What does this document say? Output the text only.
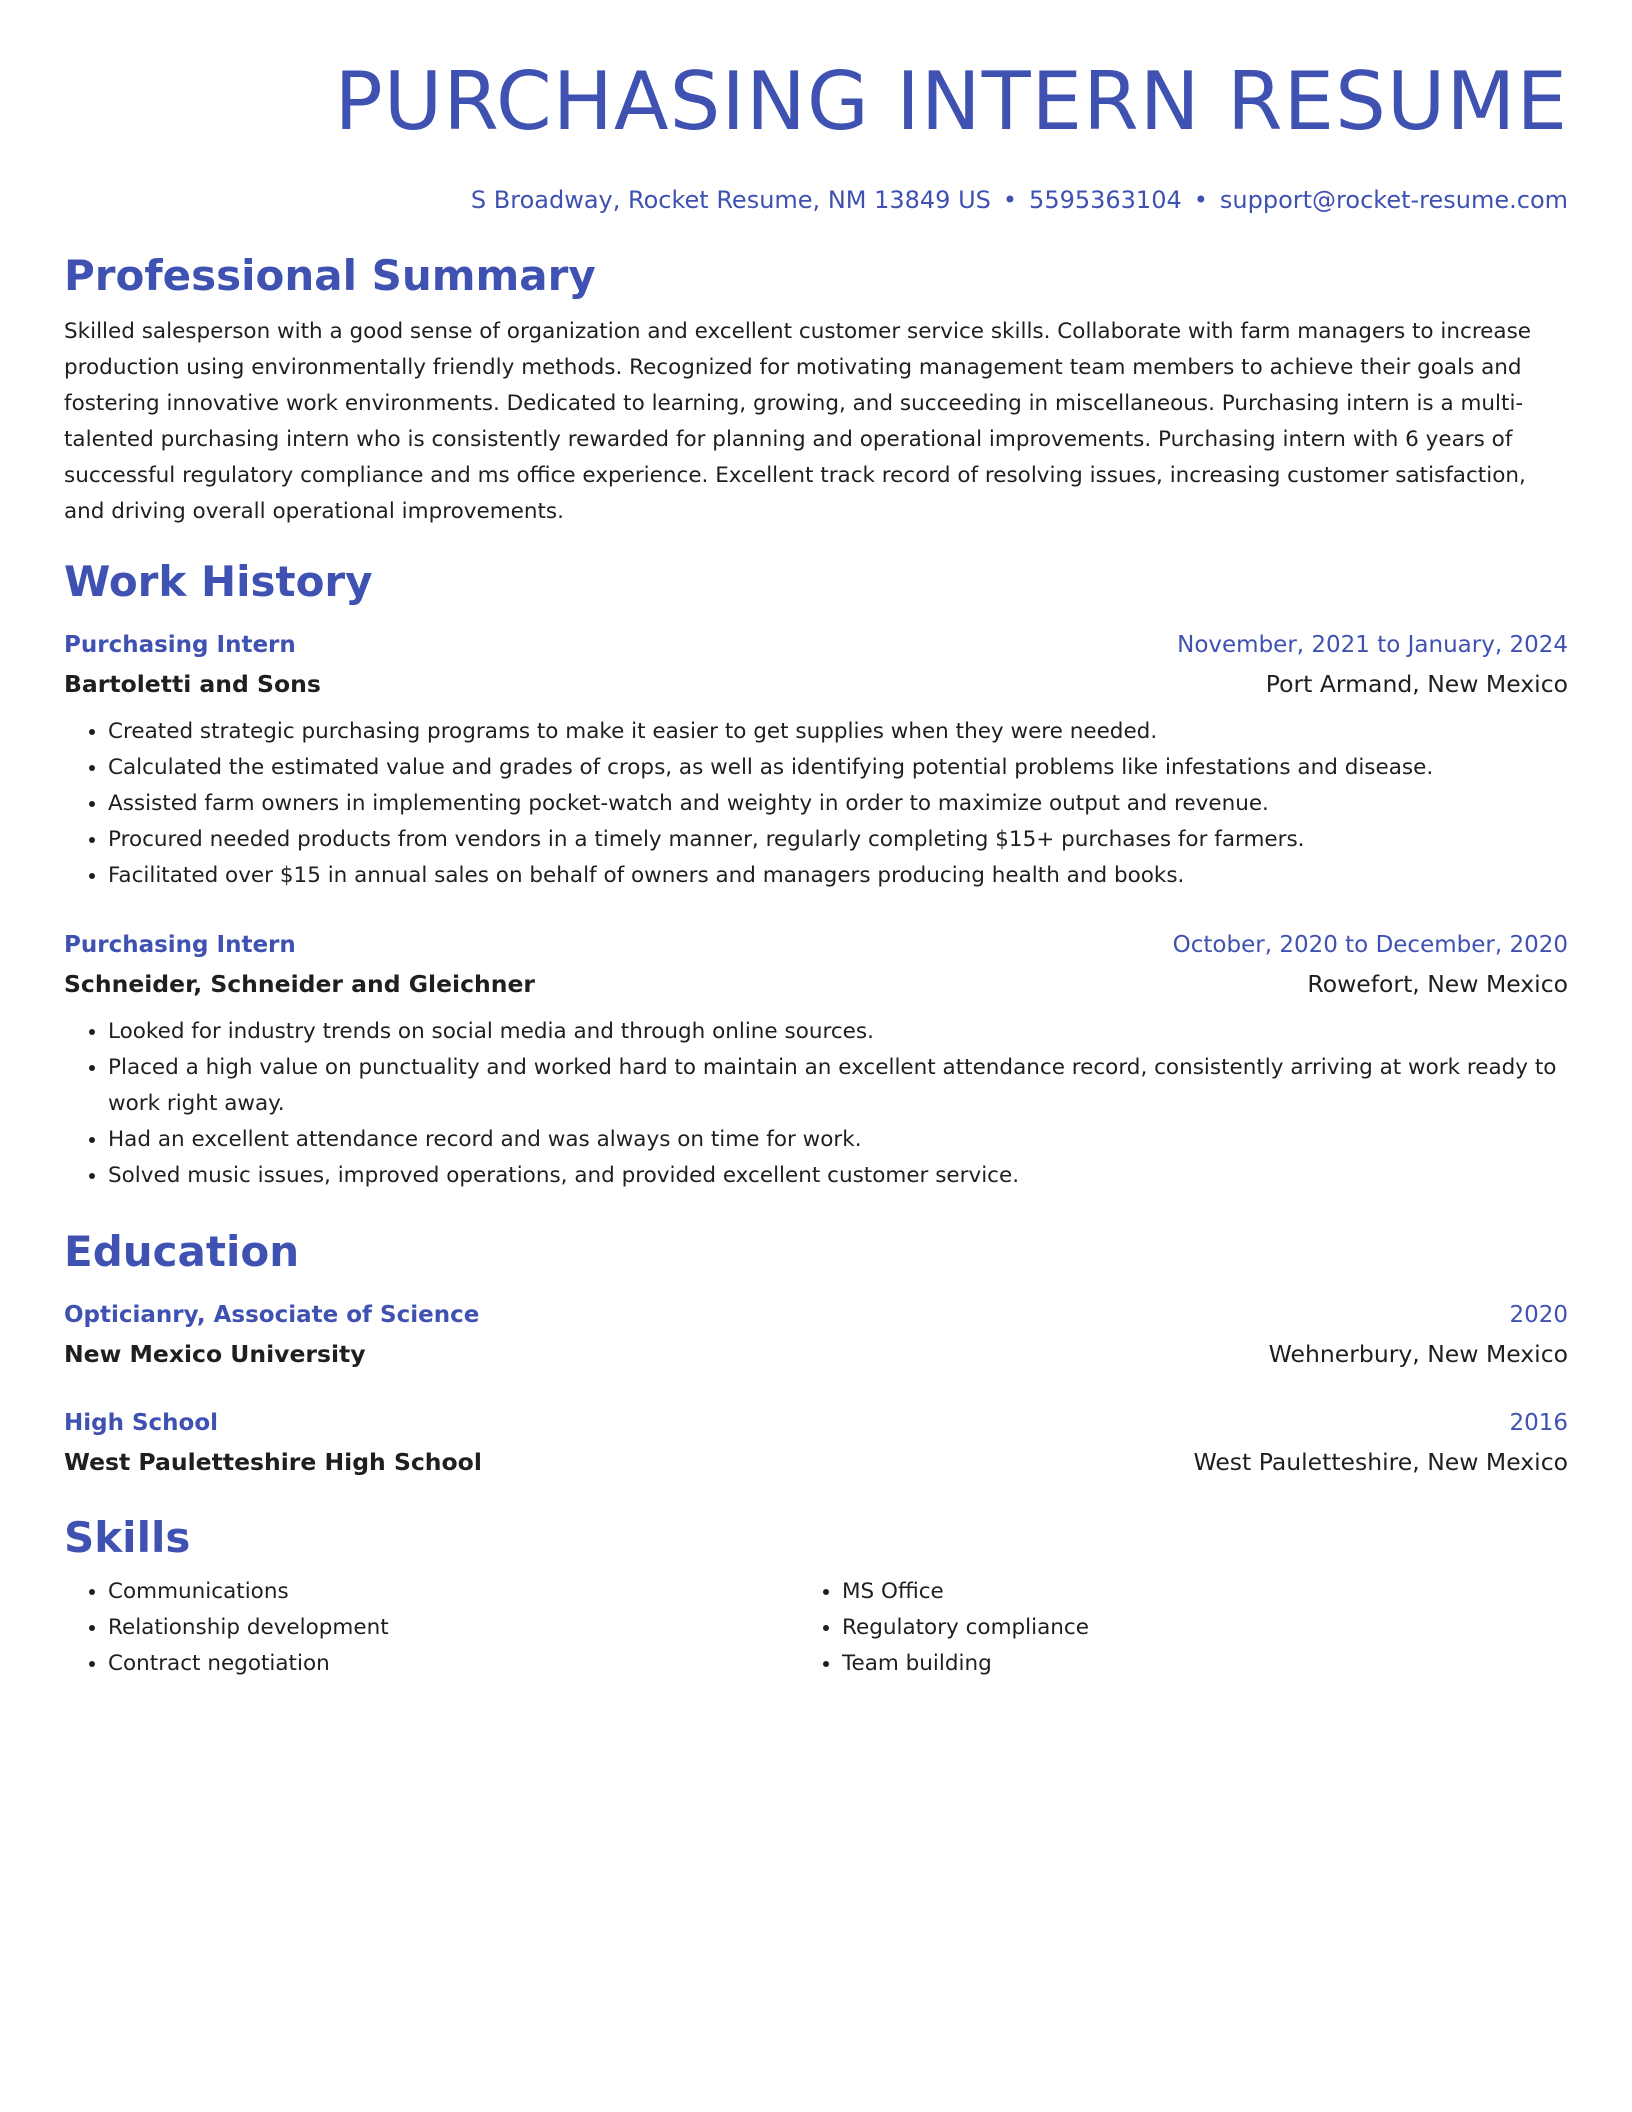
PURCHASING INTERN RESUME
S Broadway, Rocket Resume, NM 13849 US • 5595363104 • support@rocket-resume.com
Professional Summary

Skilled salesperson with a good sense of organization and excellent customer service skills. Collaborate with farm managers to increase production using environmentally friendly methods. Recognized for motivating management team members to achieve their goals and fostering innovative work environments. Dedicated to learning, growing, and succeeding in miscellaneous. Purchasing intern is a multi-talented purchasing intern who is consistently rewarded for planning and operational improvements. Purchasing intern with 6 years of successful regulatory compliance and ms office experience. Excellent track record of resolving issues, increasing customer satisfaction, and driving overall operational improvements.

Work History
Purchasing Intern	November, 2021 to January, 2024
Bartoletti and Sons	Port Armand, New Mexico
• Created strategic purchasing programs to make it easier to get supplies when they were needed.
• Calculated the estimated value and grades of crops, as well as identifying potential problems like infestations and disease.
• Assisted farm owners in implementing pocket-watch and weighty in order to maximize output and revenue.
• Procured needed products from vendors in a timely manner, regularly completing $15+ purchases for farmers.
• Facilitated over $15 in annual sales on behalf of owners and managers producing health and books.
Purchasing Intern	October, 2020 to December, 2020
Schneider, Schneider and Gleichner	Rowefort, New Mexico
• Looked for industry trends on social media and through online sources.
• Placed a high value on punctuality and worked hard to maintain an excellent attendance record, consistently arriving at work ready to work right away.
• Had an excellent attendance record and was always on time for work.
• Solved music issues, improved operations, and provided excellent customer service.
Education
Opticianry, Associate of Science	2020
New Mexico University	Wehnerbury, New Mexico
High School	2016
West Pauletteshire High School	West Pauletteshire, New Mexico
Skills
• Communications
• Relationship development
• Contract negotiation
• MS Office
• Regulatory compliance
• Team building
